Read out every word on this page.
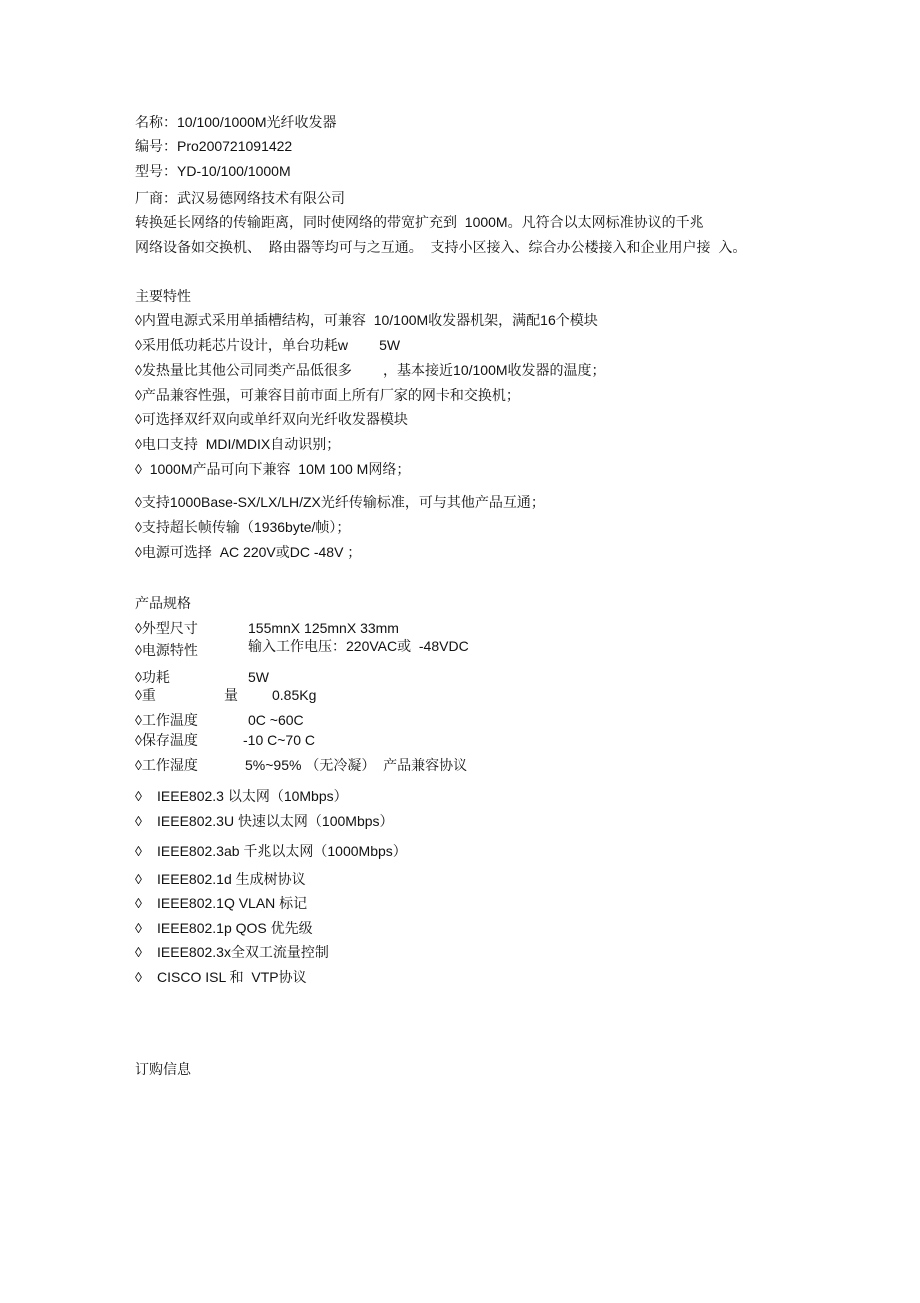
名称：10/100/1000M光纤收发器
编号：Pro200721091422
型号：YD-10/100/1000M
厂商：武汉易德网络技术有限公司
转换延长网络的传输距离，同时使网络的带宽扩充到  1000M。凡符合以太网标准协议的千兆
网络设备如交换机、  路由器等均可与之互通。  支持小区接入、综合办公楼接入和企业用户接  入。
主要特性
◊内置电源式采用单插槽结构，可兼容  10/100M收发器机架，满配16个模块
◊采用低功耗芯片设计，单台功耗w        5W
◊发热量比其他公司同类产品低很多        ，基本接近10/100M收发器的温度；
◊产品兼容性强，可兼容目前市面上所有厂家的网卡和交换机；
◊可选择双纤双向或单纤双向光纤收发器模块
◊电口支持  MDI/MDIX自动识别；
◊  1000M产品可向下兼容  10M 100 M网络；
◊支持1000Base-SX/LX/LH/ZX光纤传输标准，可与其他产品互通；
◊支持超长帧传输（1936byte/帧）；
◊电源可选择  AC 220V或DC -48V ；
产品规格
◊外型尺寸	155mnX 125mnX 33mm
◊电源特性	输入工作电压：220VAC或  -48VDC
◊功耗	5W
◊重	量 0.85Kg
◊工作温度	0C ~60C
◊保存温度	-10 C~70 C
◊工作湿度	5%~95% （无冷凝）  产品兼容协议
◊ IEEE802.3 以太网（10Mbps）
◊ IEEE802.3U 快速以太网（100Mbps）
◊ IEEE802.3ab 千兆以太网（1000Mbps）
◊ IEEE802.1d 生成树协议
◊ IEEE802.1Q VLAN 标记
◊ IEEE802.1p QOS 优先级
◊ IEEE802.3x全双工流量控制
◊ CISCO ISL 和  VTP协议
订购信息
